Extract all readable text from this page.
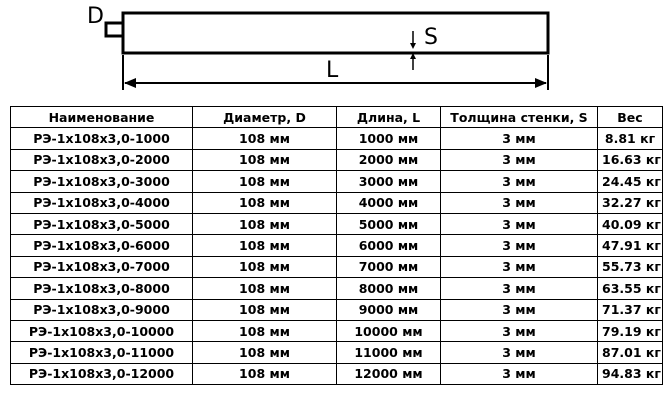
D
S
L
Наименование	Диаметр, D	Длина, L	Толщина стенки, S	Вес
РЭ-1х108х3,0-1000	108 мм	1000 мм	3 мм	8.81 кг
РЭ-1х108х3,0-2000	108 мм	2000 мм	3 мм	16.63 кг
РЭ-1х108х3,0-3000	108 мм	3000 мм	3 мм	24.45 кг
РЭ-1х108х3,0-4000	108 мм	4000 мм	3 мм	32.27 кг
РЭ-1х108х3,0-5000	108 мм	5000 мм	3 мм	40.09 кг
РЭ-1х108х3,0-6000	108 мм	6000 мм	3 мм	47.91 кг
РЭ-1х108х3,0-7000	108 мм	7000 мм	3 мм	55.73 кг
РЭ-1х108х3,0-8000	108 мм	8000 мм	3 мм	63.55 кг
РЭ-1х108х3,0-9000	108 мм	9000 мм	3 мм	71.37 кг
РЭ-1х108х3,0-10000	108 мм	10000 мм	3 мм	79.19 кг
РЭ-1х108х3,0-11000	108 мм	11000 мм	3 мм	87.01 кг
РЭ-1х108х3,0-12000	108 мм	12000 мм	3 мм	94.83 кг
